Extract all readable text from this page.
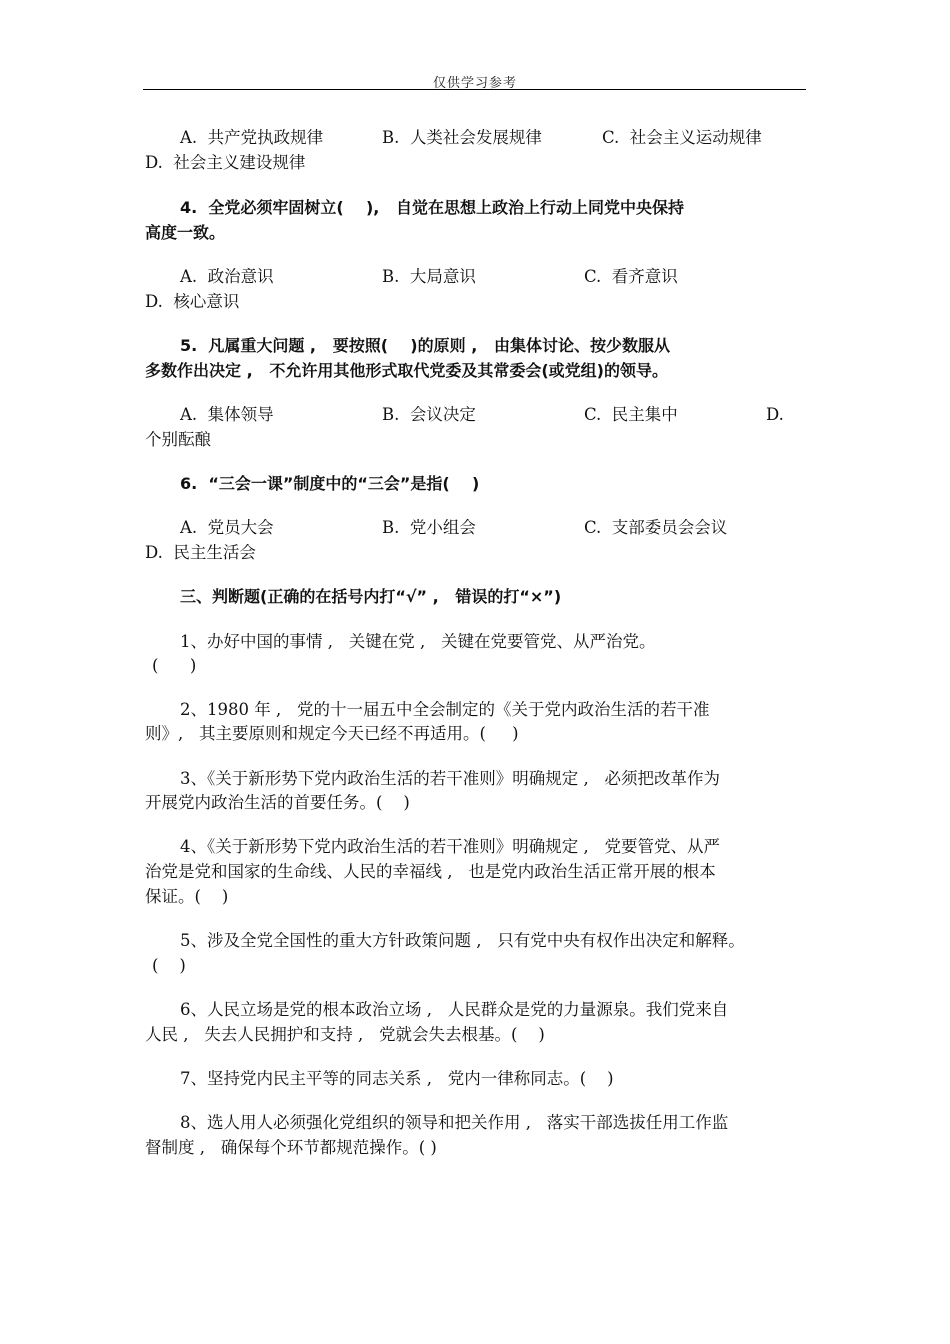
仅供学习参考
A.  共产党执政规律	B.  人类社会发展规律	C.  社会主义运动规律
D.  社会主义建设规律
4.  全党必须牢固树立(    ),   自觉在思想上政治上行动上同党中央保持
高度一致。
A.  政治意识	B.  大局意识	C.  看齐意识
D.  核心意识
5.  凡属重大问题 ,   要按照(    )的原则 ,   由集体讨论、按少数服从
多数作出决定 ,   不允许用其他形式取代党委及其常委会(或党组)的领导。
A.  集体领导	B.  会议决定	C.  民主集中	D.
个别酝酿
6.  “三会一课”制度中的“三会”是指(    )
A.  党员大会	B.  党小组会	C.  支部委员会会议
D.  民主生活会
三、判断题(正确的在括号内打“√” ,   错误的打“×”)
1、办好中国的事情 ,   关键在党 ,   关键在党要管党、从严治党。
(      )
2、1980 年 ,   党的十一届五中全会制定的《关于党内政治生活的若干准
则》,   其主要原则和规定今天已经不再适用。(     )
3、《关于新形势下党内政治生活的若干准则》明确规定 ,   必须把改革作为
开展党内政治生活的首要任务。(    )
4、《关于新形势下党内政治生活的若干准则》明确规定 ,   党要管党、从严
治党是党和国家的生命线、人民的幸福线 ,   也是党内政治生活正常开展的根本
保证。(    )
5、涉及全党全国性的重大方针政策问题 ,   只有党中央有权作出决定和解释。
(    )
6、人民立场是党的根本政治立场 ,   人民群众是党的力量源泉。我们党来自
人民 ,   失去人民拥护和支持 ,   党就会失去根基。(    )
7、坚持党内民主平等的同志关系 ,   党内一律称同志。(    )
8、选人用人必须强化党组织的领导和把关作用 ,   落实干部选拔任用工作监
督制度 ,   确保每个环节都规范操作。( )
